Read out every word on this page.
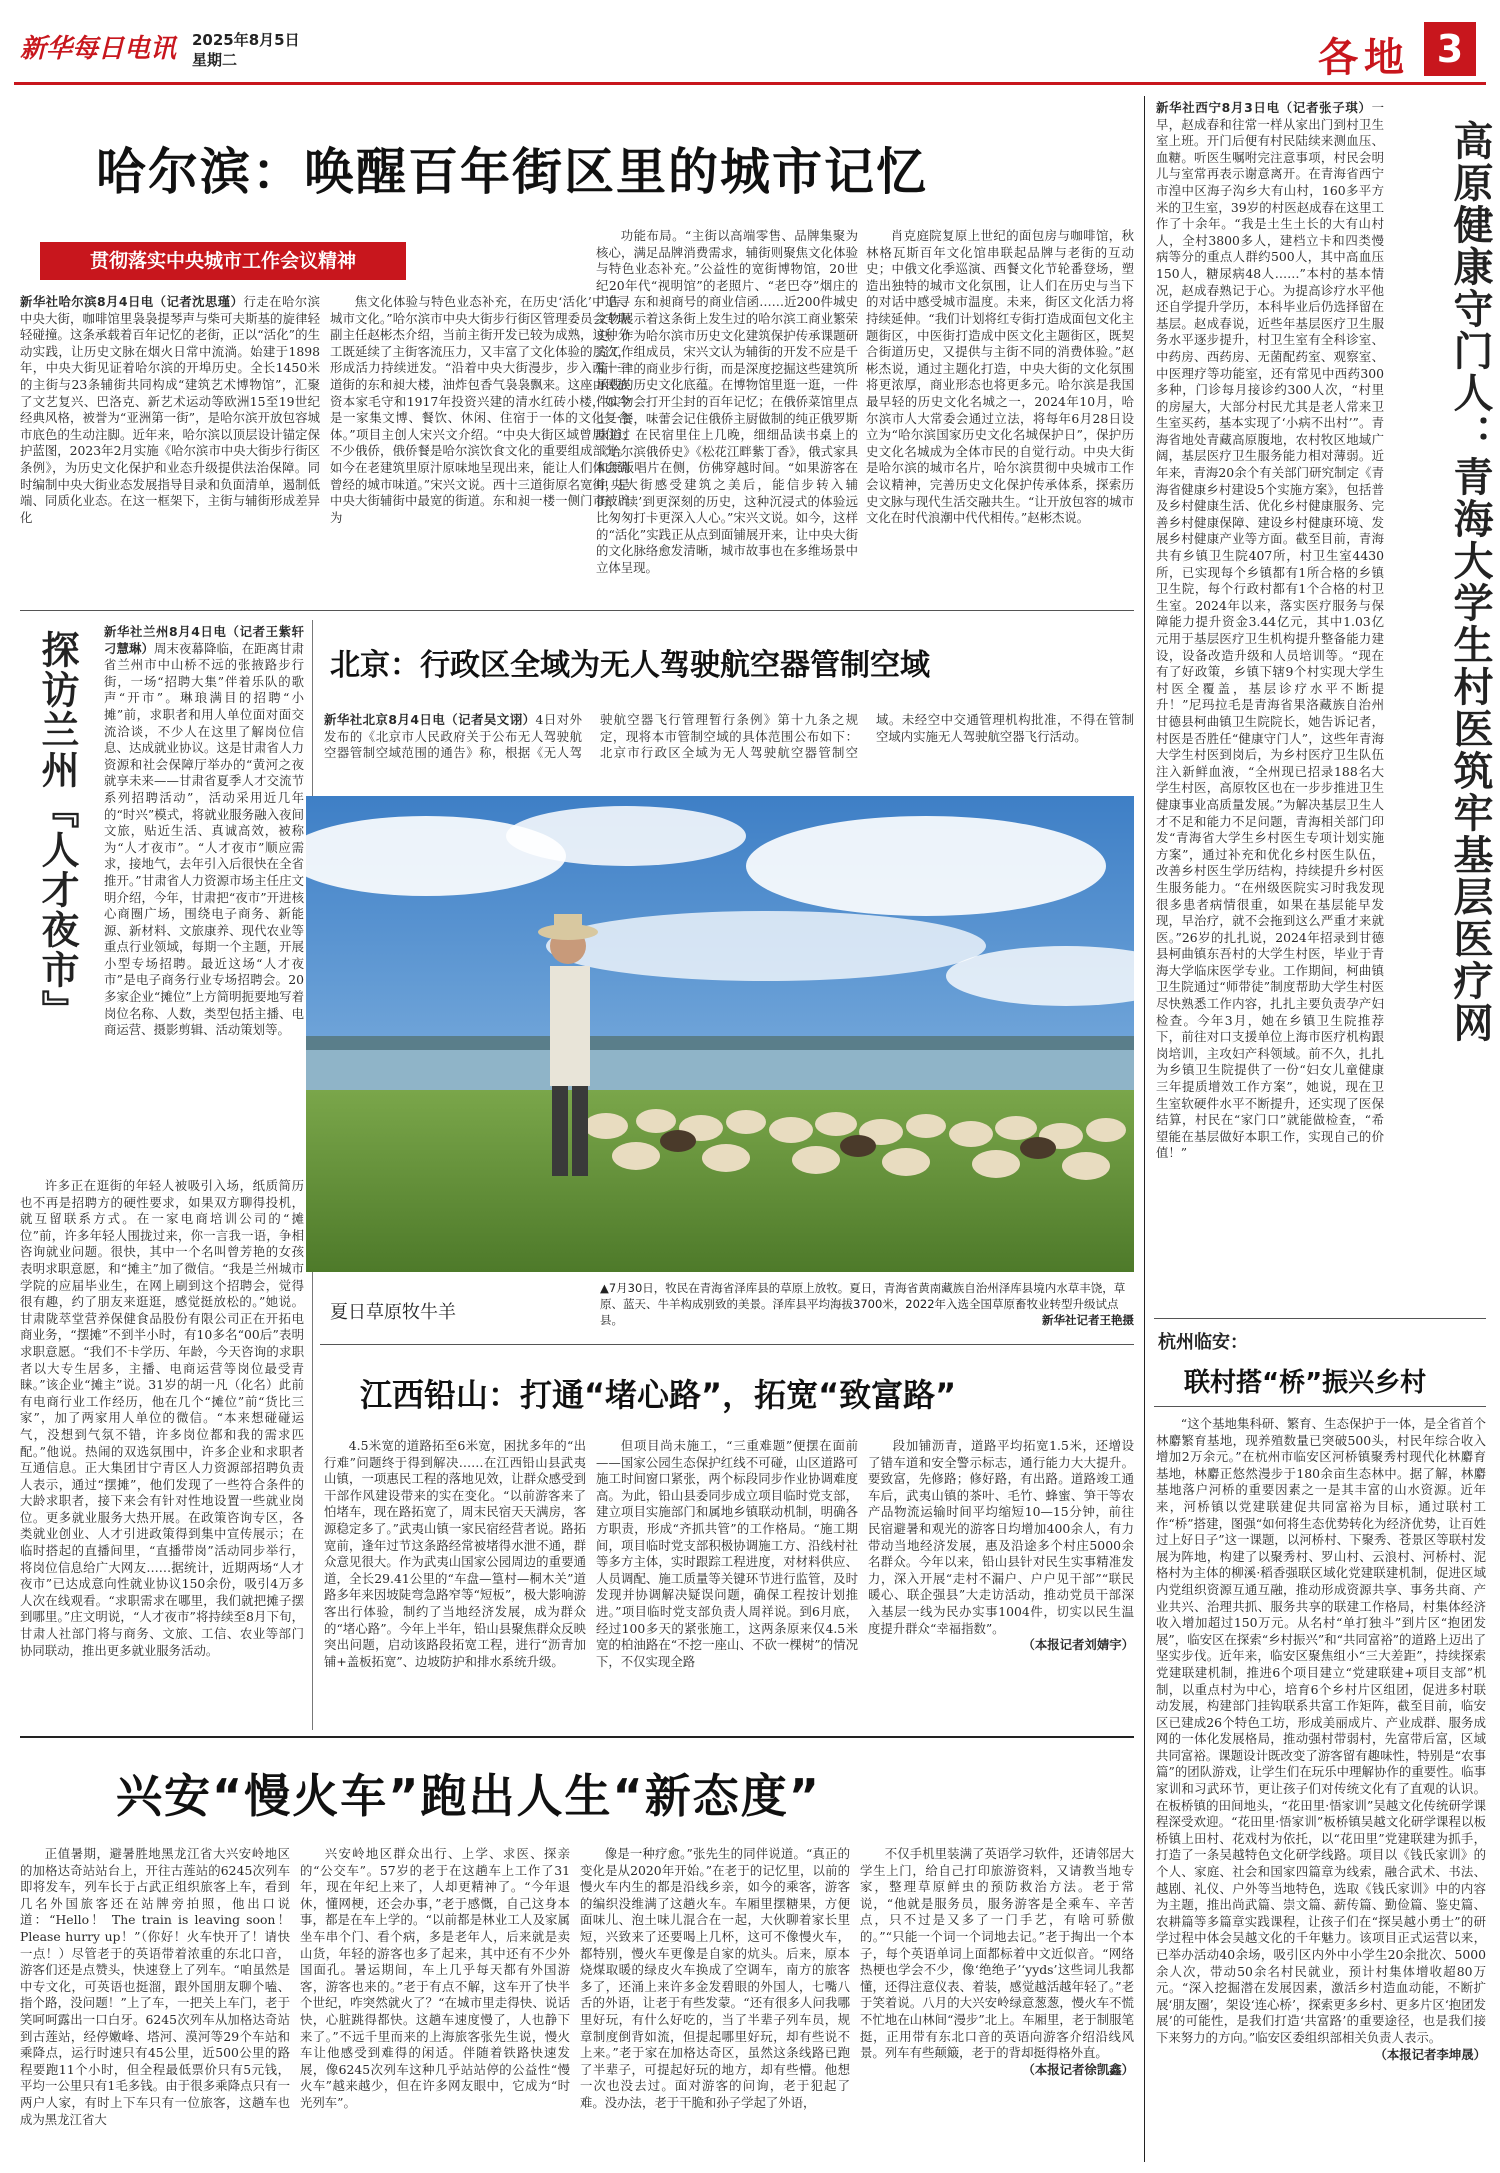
新华每日电讯 2025年8月5日
星期二	各地 3
哈尔滨：唤醒百年街区里的城市记忆
贯彻落实中央城市工作会议精神
新华社哈尔滨8月4日电（记者沈思瑾）行走在哈尔滨中央大街，咖啡馆里袅袅提琴声与柴可夫斯基的旋律轻轻碰撞。这条承载着百年记忆的老街，正以“活化”的生动实践，让历史文脉在烟火日常中流淌。始建于1898年，中央大街见证着哈尔滨的开埠历史。全长1450米的主街与23条辅街共同构成“建筑艺术博物馆”，汇聚了文艺复兴、巴洛克、新艺术运动等欧洲15至19世纪经典风格，被誉为“亚洲第一街”，是哈尔滨开放包容城市底色的生动注脚。近年来，哈尔滨以顶层设计锚定保护蓝图，2023年2月实施《哈尔滨市中央大街步行街区条例》，为历史文化保护和业态升级提供法治保障。同时编制中央大街业态发展指导目录和负面清单，遏制低端、同质化业态。在这一框架下，主街与辅街形成差异化
焦文化体验与特色业态补充，在历史‘活化’中追寻城市文化。”哈尔滨市中央大街步行街区管理委员会专职副主任赵彬杰介绍，当前主街开发已较为成熟，这种分工既延续了主街客流压力，又丰富了文化体验的层次，形成活力持续迸发。“沿着中央大街漫步，步入西十三道街的东和昶大楼，油炸包香气袅袅飘来。这座由民族资本家毛守和1917年投资兴建的清水红砖小楼，如今是一家集文博、餐饮、休闲、住宿于一体的文化复合体。”项目主创人宋兴文介绍。“中央大街区域曾居住过不少俄侨，俄侨餐是哈尔滨饮食文化的重要组成部分。如今在老建筑里原汁原味地呈现出来，能让人们体会到曾经的城市味道。”宋兴文说。西十三道街原名宽街，是中央大街辅街中最宽的街道。东和昶一楼一侧门市被辟为
肖克庭院复原上世纪的面包房与咖啡馆，秋林格瓦斯百年文化馆串联起品牌与老街的互动史；中俄文化季巡演、西餐文化节轮番登场，塑造出独特的城市文化氛围，让人们在历史与当下的对话中感受城市温度。未来，街区文化活力将持续延伸。“我们计划将红专街打造成面包文化主题街区，中医街打造成中医文化主题街区，既契合街道历史，又提供与主街不同的消费体验。”赵彬杰说，通过主题化打造，中央大街的文化氛围将更浓厚，商业形态也将更多元。哈尔滨是我国最早轻的历史文化名城之一，2024年10月，哈尔滨市人大常委会通过立法，将每年6月28日设立为“哈尔滨国家历史文化名城保护日”，保护历史文化名城成为全体市民的自觉行动。中央大街是哈尔滨的城市名片，哈尔滨贯彻中央城市工作会议精神，完善历史文化保护传承体系，探索历史文脉与现代生活交融共生。“让开放包容的城市文化在时代浪潮中代代相传。”赵彬杰说。
功能布局。“主街以高端零售、品牌集聚为核心，满足品牌消费需求，辅街则聚焦文化体验与特色业态补充。”公益性的宽街博物馆，20世纪20年代“视明馆”的老照片、“老巴夺”烟庄的广告、东和昶商号的商业信函……近200件城史文物展示着这条街上发生过的哈尔滨工商业繁荣史。作为哈尔滨市历史文化建筑保护传承课题研究工作组成员，宋兴文认为辅街的开发不应是千篇一律的商业步行街，而是深度挖掘这些建筑所承载的历史文化底蕴。在博物馆里逛一逛，一件件实物会打开尘封的百年记忆；在俄侨菜馆里点上一餐，味蕾会记住俄侨主厨做制的纯正俄罗斯味道；在民宿里住上几晚，细细品读书桌上的《哈尔滨俄侨史》《松花江畔紫丁香》，俄式家具和原版唱片在侧，仿佛穿越时间。“如果游客在中央大街感受建筑之美后，能信步转入辅街，‘读’到更深刻的历史，这种沉浸式的体验远比匆匆打卡更深入人心。”宋兴文说。如今，这样的“活化”实践正从点到面铺展开来，让中央大街的文化脉络愈发清晰，城市故事也在多维场景中立体呈现。
探访兰州『人才夜市』	新华社兰州8月4日电（记者王紫轩 刁慧琳）周末夜幕降临，在距离甘肃省兰州市中山桥不远的张掖路步行街，一场“招聘大集”伴着乐队的歌声“开市”。琳琅满目的招聘“小摊”前，求职者和用人单位面对面交流洽谈，不少人在这里了解岗位信息、达成就业协议。这是甘肃省人力资源和社会保障厅举办的“黄河之夜就享未来——甘肃省夏季人才交流节系列招聘活动”，活动采用近几年的“时兴”模式，将就业服务融入夜间文旅，贴近生活、真诚高效，被称为“人才夜市”。“人才夜市”顺应需求，接地气，去年引入后很快在全省推开。”甘肃省人力资源市场主任庄文明介绍，今年，甘肃把“夜市”开进核心商圈广场，围绕电子商务、新能源、新材料、文旅康养、现代农业等重点行业领域，每期一个主题，开展小型专场招聘。最近这场“人才夜市”是电子商务行业专场招聘会。20多家企业“摊位”上方简明扼要地写着岗位名称、人数，类型包括主播、电商运营、摄影剪辑、活动策划等。
许多正在逛街的年轻人被吸引入场，纸质简历也不再是招聘方的硬性要求，如果双方聊得投机，就互留联系方式。在一家电商培训公司的“摊位”前，许多年轻人围拢过来，你一言我一语，争相咨询就业问题。很快，其中一个名叫曾芳艳的女孩表明求职意愿，和“摊主”加了微信。“我是兰州城市学院的应届毕业生，在网上刷到这个招聘会，觉得很有趣，约了朋友来逛逛，感觉挺放松的。”她说。甘肃陇萃堂营养保健食品股份有限公司正在开拓电商业务，“摆摊”不到半小时，有10多名“00后”表明求职意愿。“我们不卡学历、年龄，今天咨询的求职者以大专生居多，主播、电商运营等岗位最受青睐。”该企业“摊主”说。31岁的胡一凡（化名）此前有电商行业工作经历，他在几个“摊位”前“货比三家”，加了两家用人单位的微信。“本来想碰碰运气，没想到气氛不错，许多岗位都和我的需求匹配。”他说。热闹的双选氛围中，许多企业和求职者互通信息。正大集团甘宁青区人力资源部招聘负责人表示，通过“摆摊”，他们发现了一些符合条件的大龄求职者，接下来会有针对性地设置一些就业岗位。更多就业服务大热开展。在政策咨询专区，各类就业创业、人才引进政策得到集中宣传展示；在临时搭起的直播间里，“直播带岗”活动同步举行，将岗位信息给广大网友……据统计，近期两场“人才夜市”已达成意向性就业协议150余份，吸引4万多人次在线观看。“求职需求在哪里，我们就把摊子摆到哪里。”庄文明说，“人才夜市”将持续至8月下旬，甘肃人社部门将与商务、文旅、工信、农业等部门协同联动，推出更多就业服务活动。
北京：行政区全域为无人驾驶航空器管制空域
新华社北京8月4日电（记者吴文诩）4日对外发布的《北京市人民政府关于公布无人驾驶航空器管制空域范围的通告》称，根据《无人驾驶航空器飞行管理暂行条例》第十九条之规定，现将本市管制空域的具体范围公布如下：北京市行政区全域为无人驾驶航空器管制空域。未经空中交通管理机构批准，不得在管制空域内实施无人驾驶航空器飞行活动。
夏日草原牧牛羊
▲7月30日，牧民在青海省泽库县的草原上放牧。夏日，青海省黄南藏族自治州泽库县境内水草丰饶，草原、蓝天、牛羊构成别致的美景。泽库县平均海拔3700米，2022年入选全国草原畜牧业转型升级试点县。	新华社记者王艳摄
江西铅山：打通“堵心路”，拓宽“致富路”
4.5米宽的道路拓至6米宽，困扰多年的“出行难”问题终于得到解决……在江西铅山县武夷山镇，一项惠民工程的落地见效，让群众感受到干部作风建设带来的实在变化。“以前游客来了怕堵车，现在路拓宽了，周末民宿天天满房，客源稳定多了。”武夷山镇一家民宿经营者说。路拓宽前，逢年过节这条路经常被堵得水泄不通，群众意见很大。作为武夷山国家公园周边的重要通道，全长29.41公里的“车盘—篁村—桐木关”道路多年来因坡陡弯急路窄等“短板”，极大影响游客出行体验，制约了当地经济发展，成为群众的“堵心路”。今年上半年，铅山县聚焦群众反映突出问题，启动该路段拓宽工程，进行“沥青加铺+盖板拓宽”、边坡防护和排水系统升级。
但项目尚未施工，“三重难题”便摆在面前——国家公园生态保护红线不可碰，山区道路可施工时间窗口紧张，两个标段同步作业协调难度高。为此，铅山县委同步成立项目临时党支部，建立项目实施部门和属地乡镇联动机制，明确各方职责，形成“齐抓共管”的工作格局。“施工期间，项目临时党支部积极协调施工方、沿线村社等多方主体，实时跟踪工程进度，对材料供应、人员调配、施工质量等关键环节进行监管，及时发现并协调解决疑误问题，确保工程按计划推进。”项目临时党支部负责人周祥说。到6月底，经过100多天的紧张施工，这两条原来仅4.5米宽的柏油路在“不挖一座山、不砍一棵树”的情况下，不仅实现全路
段加铺沥青，道路平均拓宽1.5米，还增设了错车道和安全警示标志，通行能力大大提升。要致富，先修路；修好路，有出路。道路竣工通车后，武夷山镇的茶叶、毛竹、蜂蜜、笋干等农产品物流运输时间平均缩短10—15分钟，前往民宿避暑和观光的游客日均增加400余人，有力带动当地经济发展，惠及沿途多个村庄5000余名群众。今年以来，铅山县针对民生实事精准发力，深入开展“走村不漏户、户户见干部”“联民暖心、联企强县”大走访活动，推动党员干部深入基层一线为民办实事1004件，切实以民生温度提升群众“幸福指数”。
（本报记者刘婧宇）
兴安“慢火车”跑出人生“新态度”
正值暑期，避暑胜地黑龙江省大兴安岭地区的加格达奇站站台上，开往古莲站的6245次列车即将发车，列车长于占武正组织旅客上车，看到几名外国旅客还在站牌旁拍照，他出口说道：“Hello！ The train is leaving soon！ Please hurry up！”（你好！火车快开了！请快一点！）尽管老于的英语带着浓重的东北口音，游客们还是点赞头，快速登上了列车。“咱虽然是中专文化，可英语也挺溜，跟外国朋友聊个嗑、指个路，没问题！”上了车，一把关上车门，老于笑呵呵露出一口白牙。6245次列车从加格达奇站到古莲站，经停嫩峰、塔河、漠河等29个车站和乘降点，运行时速只有45公里，近500公里的路程要跑11个小时，但全程最低票价只有5元钱，平均一公里只有1毛多钱。由于很多乘降点只有一两户人家，有时上下车只有一位旅客，这趟车也成为黑龙江省大
兴安岭地区群众出行、上学、求医、探亲的“公交车”。57岁的老于在这趟车上工作了31年，现在年纪上来了，人却更精神了。“今年退休，懂网梗，还会办事，”老于感慨，自己这身本事，都是在车上学的。“以前都是林业工人及家属坐车串个门、看个病，多是老年人，后来就是卖山货，年轻的游客也多了起来，其中还有不少外国面孔。暑运期间，车上几乎每天都有外国游客，游客也来的。”老于有点不解，这车开了快半个世纪，咋突然就火了？“在城市里走得快、说话快，心脏跳得都快。这趟车速度慢了，人也静下来了。”不远千里而来的上海旅客张先生说，慢火车让他感受到难得的闲适。伴随着铁路快速发展，像6245次列车这种几乎站站停的公益性“慢火车”越来越少，但在许多网友眼中，它成为“时光列车”。
像是一种疗愈。”张先生的同伴说道。“真正的变化是从2020年开始。”在老于的记忆里，以前的慢火车内生的都是沿线乡亲，如今的乘客，游客的编织没维满了这趟火车。车厢里摆糖果，方便面味儿、泡土味儿混合在一起，大伙聊着家长里短，兴致来了还要喝上几杯，这可不像慢火车，都特别，慢火车更像是自家的炕头。后来，原本烧煤取暖的绿皮火车换成了空调车，南方的旅客多了，还涌上来许多金发碧眼的外国人，七嘴八舌的外语，让老于有些发蒙。“还有很多人问我哪里好玩，有什么好吃的，当了半辈子列车员，规章制度倒背如流，但提起哪里好玩，却有些说不上来。”老于家在加格达奇区，虽然这条线路已跑了半辈子，可提起好玩的地方，却有些懵。他想一次也没去过。面对游客的问询，老于犯起了难。没办法，老于干脆和孙子学起了外语，
不仅手机里装满了英语学习软件，还请邻居大学生上门，给自己打印旅游资料，又请教当地专家，整理草原鲜虫的预防救治方法。老于常说，“他就是服务员，服务游客是全乘车、辛苦点，只不过是又多了一门手艺，有啥可骄傲的。”“只能一个词一个词地去记。”老于掏出一个本子，每个英语单词上面都标着中文近似音。“网络热梗也学会不少，像‘绝绝子’‘yyds’这些词儿我都懂，还得注意仪表、着装，感觉越活越年轻了。”老于笑着说。八月的大兴安岭绿意葱葱，慢火车不慌不忙地在山林间“漫步”北上。车厢里，老于制服笔挺，正用带有东北口音的英语向游客介绍沿线风景。列车有些颠簸，老于的背却挺得格外直。
（本报记者徐凯鑫）
新华社西宁8月3日电（记者张子琪）一早，赵成春和往常一样从家出门到村卫生室上班。开门后便有村民陆续来测血压、血糖。听医生嘱咐完注意事项，村民会明儿与室常再表示谢意离开。在青海省西宁市湟中区海子沟乡大有山村，160多平方米的卫生室，39岁的村医赵成春在这里工作了十余年。“我是土生土长的大有山村人，全村3800多人，建档立卡和四类慢病等分的重点人群约500人，其中高血压150人，糖尿病48人……”本村的基本情况，赵成春熟记于心。为提高诊疗水平他还自学提升学历，本科毕业后仍选择留在基层。赵成春说，近些年基层医疗卫生服务水平逐步提升，村卫生室有全科诊室、中药房、西药房、无菌配药室、观察室、中医理疗等功能室，还有常见中西药300多种，门诊每月接诊约300人次，“村里的房屋大，大部分村民尤其是老人常来卫生室买药，基本实现了‘小病不出村’”。青海省地处青藏高原腹地，农村牧区地域广阔，基层医疗卫生服务能力相对薄弱。近年来，青海20余个有关部门研究制定《青海省健康乡村建设5个实施方案》，包括普及乡村健康生活、优化乡村健康服务、完善乡村健康保障、建设乡村健康环境、发展乡村健康产业等方面。截至目前，青海共有乡镇卫生院407所，村卫生室4430所，已实现每个乡镇都有1所合格的乡镇卫生院，每个行政村都有1个合格的村卫生室。2024年以来，落实医疗服务与保障能力提升资金3.44亿元，其中1.03亿元用于基层医疗卫生机构提升整备能力建设，设备改造升级和人员培训等。“现在有了好政策，乡镇下辖9个村实现大学生村医全覆盖，基层诊疗水平不断提升！”尼玛拉毛是青海省果洛藏族自治州甘德县柯曲镇卫生院院长，她告诉记者，村医是否胜任“健康守门人”，这些年青海大学生村医到岗后，为乡村医疗卫生队伍注入新鲜血液，“全州现已招录188名大学生村医，高原牧区也在一步步推进卫生健康事业高质量发展。”为解决基层卫生人才不足和能力不足问题，青海相关部门印发“青海省大学生乡村医生专项计划实施方案”，通过补充和优化乡村医生队伍，改善乡村医生学历结构，持续提升乡村医生服务能力。“在州级医院实习时我发现很多患者病情很重，如果在基层能早发现，早治疗，就不会拖到这么严重才来就医。”26岁的扎扎说，2024年招录到甘德县柯曲镇东吾村的大学生村医，毕业于青海大学临床医学专业。工作期间，柯曲镇卫生院通过“师带徒”制度帮助大学生村医尽快熟悉工作内容，扎扎主要负责孕产妇检查。今年3月，她在乡镇卫生院推荐下，前往对口支援单位上海市医疗机构跟岗培训，主攻妇产科领域。前不久，扎扎为乡镇卫生院提供了一份“妇女儿童健康三年提质增效工作方案”，她说，现在卫生室软硬件水平不断提升，还实现了医保结算，村民在“家门口”就能做检查，“希望能在基层做好本职工作，实现自己的价值！”
高原健康守门人：青海大学生村医筑牢基层医疗网
杭州临安：
联村搭“桥”振兴乡村
“这个基地集科研、繁育、生态保护于一体，是全省首个林麝繁育基地，现养殖数量已突破500头，村民年综合收入增加2万余元。”在杭州市临安区河桥镇聚秀村现代化林麝育基地，林麝正悠然漫步于180余亩生态林中。据了解，林麝基地落户河桥的重要因素之一是其丰富的山水资源。近年来，河桥镇以党建联建促共同富裕为目标，通过联村工作“桥”搭建，图强“如何将生态优势转化为经济优势，让百姓过上好日子”这一课题，以河桥村、下聚秀、苍景区等联村发展为阵地，构建了以聚秀村、罗山村、云浪村、河桥村、泥格村为主体的柳溪·稻香强联区域化党建联建机制，促进区域内党组织资源互通互融，推动形成资源共享、事务共商、产业共兴、治理共抓、服务共享的联建工作格局，村集体经济收入增加超过150万元。从名村“单打独斗”到片区“抱团发展”，临安区在探索“乡村振兴”和“共同富裕”的道路上迈出了坚实步伐。近年来，临安区聚焦组小“三大差距”，持续探索党建联建机制，推进6个项目建立“党建联建+项目支部”机制，以重点村为中心，培育6个乡村片区组团，促进多村联动发展，构建部门挂钩联系共富工作矩阵，截至目前，临安区已建成26个特色工坊，形成美丽成片、产业成群、服务成网的一体化发展格局，推动强村带弱村，先富带后富，区域共同富裕。课题设计既改变了游客留有趣味性，特别是“农事篇”的团队游戏，让学生们在玩乐中理解协作的重要性。临事家训和习武环节，更让孩子们对传统文化有了直观的认识。在板桥镇的田间地头，“花田里·悟家训”吴越文化传统研学课程深受欢迎。“花田里·悟家训”板桥镇吴越文化研学课程以板桥镇上田村、花戏村为依托，以“花田里”党建联建为抓手，打造了一条吴越特色文化研学线路。项目以《钱氏家训》的个人、家庭、社会和国家四篇章为线索，融合武术、书法、越剧、礼仪、户外等当地特色，选取《钱氏家训》中的内容为主题，推出尚武篇、崇文篇、薪传篇、勤俭篇、鉴史篇、农耕篇等多篇章实践课程，让孩子们在“探吴越小勇士”的研学过程中体会吴越文化的千年魅力。该项目正式运营以来，已举办活动40余场，吸引区内外中小学生20余批次、5000余人次，带动50余名村民就业，预计村集体增收超80万元。“深入挖掘潜在发展因素，激活乡村造血动能，不断扩展‘朋友圈’，架设‘连心桥’，探索更多乡村、更多片区‘抱团发展’的可能性，是我们打造‘共富路’的重要途径，也是我们接下来努力的方向。”临安区委组织部相关负责人表示。
（本报记者李坤晟）
